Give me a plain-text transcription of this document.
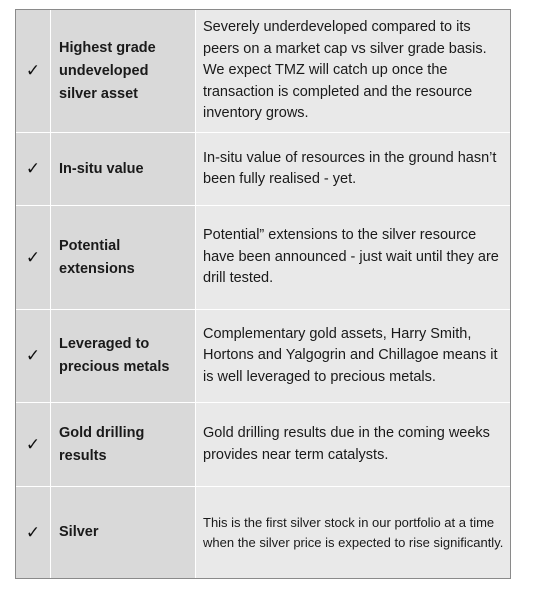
✓
Highest grade undeveloped silver asset
Severely underdeveloped compared to its peers on a market cap vs silver grade basis. We expect TMZ will catch up once the transaction is completed and the resource inventory grows.
✓	In-situ value
In-situ value of resources in the ground hasn’t been fully realised - yet.
✓
Potential extensions
Potential” extensions to the silver resource have been announced - just wait until they are drill tested.
✓
Leveraged to precious metals
Complementary gold assets, Harry Smith, Hortons and Yalgogrin and Chillagoe means it is well leveraged to precious metals.
✓
Gold drilling results
Gold drilling results due in the coming weeks provides near term catalysts.
✓	Silver
This is the first silver stock in our portfolio at a time when the silver price is expected to rise significantly.
